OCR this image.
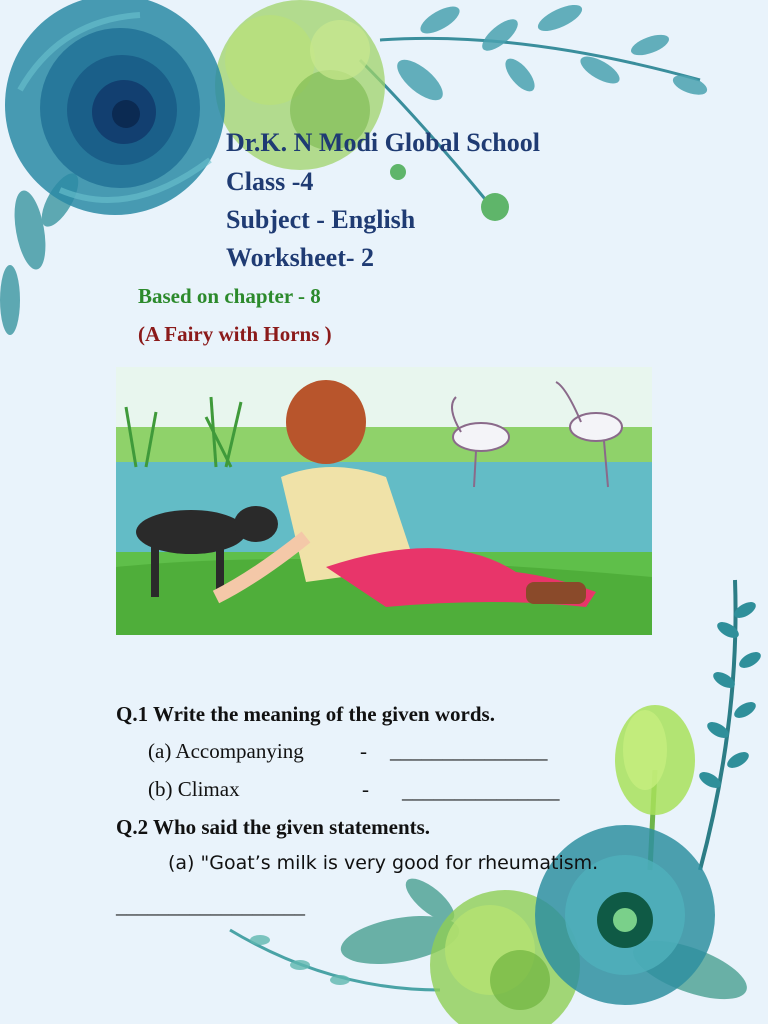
Dr.K. N Modi Global School
Class -4
Subject - English
Worksheet- 2
Based on chapter - 8
(A Fairy with Horns )
Q.1 Write the meaning of the given words.
(a) Accompanying	- _______________
(b) Climax	- _______________
Q.2 Who said the given statements.
(a) "Goat’s milk is very good for rheumatism.
__________________
